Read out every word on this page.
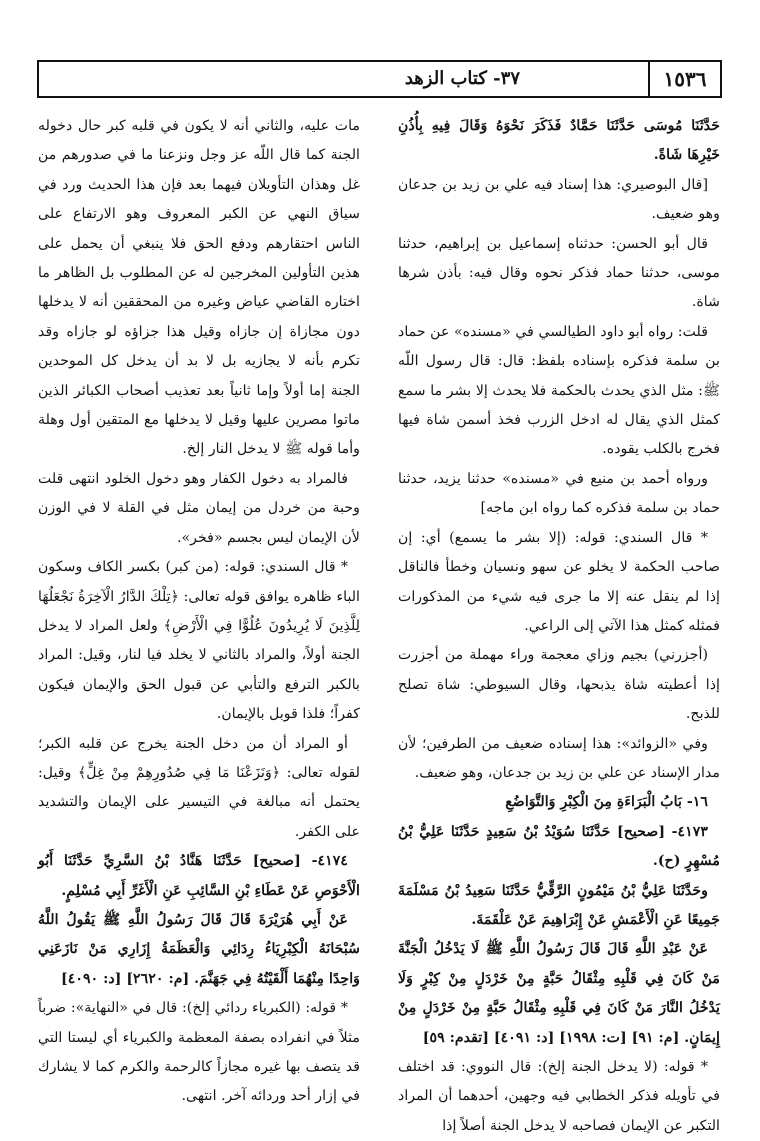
١٥٣٦
٣٧- كتاب الزهد

حَدَّثَنَا مُوسَى حَدَّثَنَا حَمَّادٌ فَذَكَرَ نَحْوَهُ وَقَالَ فِيهِ بِأُذُنِ خَيْرِهَا شَاةً.

[قال البوصيري: هذا إسناد فيه علي بن زيد بن جدعان وهو ضعيف.

قال أبو الحسن: حدثناه إسماعيل بن إبراهيم، حدثنا موسى، حدثنا حماد فذكر نحوه وقال فيه: بأذن شرها شاة.

قلت: رواه أبو داود الطيالسي في «مسنده» عن حماد بن سلمة فذكره بإسناده بلفظ: قال: قال رسول اللّه ﷺ: مثل الذي يحدث بالحكمة فلا يحدث إلا بشر ما سمع كمثل الذي يقال له ادخل الزرب فخذ أسمن شاة فيها فخرج بالكلب يقوده.

ورواه أحمد بن منيع في «مسنده» حدثنا يزيد، حدثنا حماد بن سلمة فذكره كما رواه ابن ماجه]

* قال السندي: قوله: (إلا بشر ما يسمع) أي: إن صاحب الحكمة لا يخلو عن سهو ونسيان وخطأ فالناقل إذا لم ينقل عنه إلا ما جرى فيه شيء من المذكورات فمثله كمثل هذا الآتي إلى الراعي.

(أجزرني) بجيم وزاي معجمة وراء مهملة من أجزرت إذا أعطيته شاة يذبحها، وقال السيوطي: شاة تصلح للذبح.

وفي «الزوائد»: هذا إسناده ضعيف من الطرفين؛ لأن مدار الإسناد عن علي بن زيد بن جدعان، وهو ضعيف.

١٦- بَابُ الْبَرَاءَةِ مِنَ الْكِبْرِ وَالتَّوَاضُعِ

٤١٧٣- [صحيح] حَدَّثَنَا سُوَيْدُ بْنُ سَعِيدٍ حَدَّثَنَا عَلِيُّ بْنُ مُسْهِرٍ (ح).

وحَدَّثَنَا عَلِيُّ بْنُ مَيْمُونٍ الرَّقِّيُّ حَدَّثَنَا سَعِيدُ بْنُ مَسْلَمَةَ جَمِيعًا عَنِ الْأَعْمَشِ عَنْ إِبْرَاهِيمَ عَنْ عَلْقَمَةَ.

عَنْ عَبْدِ اللَّهِ قَالَ قَالَ رَسُولُ اللَّهِ ﷺ لَا يَدْخُلُ الْجَنَّةَ مَنْ كَانَ فِي قَلْبِهِ مِثْقَالُ حَبَّةٍ مِنْ خَرْدَلٍ مِنْ كِبْرٍ وَلَا يَدْخُلُ النَّارَ مَنْ كَانَ فِي قَلْبِهِ مِثْقَالُ حَبَّةٍ مِنْ خَرْدَلٍ مِنْ إِيمَانٍ. [م: ٩١] [ت: ١٩٩٨] [د: ٤٠٩١] [تقدم: ٥٩]

* قوله: (لا يدخل الجنة إلخ): قال النووي: قد اختلف في تأويله فذكر الخطابي فيه وجهين، أحدهما أن المراد التكبر عن الإيمان فصاحبه لا يدخل الجنة أصلاً إذا

مات عليه، والثاني أنه لا يكون في قلبه كبر حال دخوله الجنة كما قال اللّه عز وجل ونزعنا ما في صدورهم من غل وهذان التأويلان فيهما بعد فإن هذا الحديث ورد في سياق النهي عن الكبر المعروف وهو الارتفاع على الناس احتقارهم ودفع الحق فلا ينبغي أن يحمل على هذين التأولين المخرجين له عن المطلوب بل الظاهر ما اختاره القاضي عياض وغيره من المحققين أنه لا يدخلها دون مجازاة إن جازاه وقيل هذا جزاؤه لو جازاه وقد تكرم بأنه لا يجازيه بل لا بد أن يدخل كل الموحدين الجنة إما أولاً وإما ثانياً بعد تعذيب أصحاب الكبائر الذين ماتوا مصرين عليها وقيل لا يدخلها مع المتقين أول وهلة وأما قوله ﷺ لا يدخل النار إلخ.

فالمراد به دخول الكفار وهو دخول الخلود انتهى قلت وحبة من خردل من إيمان مثل في القلة لا في الوزن لأن الإيمان ليس بجسم «فخر».

* قال السندي: قوله: (من كبر) بكسر الكاف وسكون الباء ظاهره يوافق قوله تعالى: ﴿تِلْكَ الدَّارُ الْآخِرَةُ نَجْعَلُهَا لِلَّذِينَ لَا يُرِيدُونَ عُلُوًّا فِي الْأَرْضِ﴾ ولعل المراد لا يدخل الجنة أولاً، والمراد بالثاني لا يخلد فيا لنار، وقيل: المراد بالكبر الترفع والتأبي عن قبول الحق والإيمان فيكون كفراً؛ فلذا قوبل بالإيمان.

أو المراد أن من دخل الجنة يخرج عن قلبه الكبر؛ لقوله تعالى: ﴿وَنَزَعْنَا مَا فِي صُدُورِهِمْ مِنْ غِلٍّ﴾ وقيل: يحتمل أنه مبالغة في التيسير على الإيمان والتشديد على الكفر.

٤١٧٤- [صحيح] حَدَّثَنَا هَنَّادُ بْنُ السَّرِيِّ حَدَّثَنَا أَبُو الْأَحْوَصِ عَنْ عَطَاءِ بْنِ السَّائِبِ عَنِ الْأَغَرِّ أَبِي مُسْلِمٍ.

عَنْ أَبِي هُرَيْرَةَ قَالَ قَالَ رَسُولُ اللَّهِ ﷺ يَقُولُ اللَّهُ سُبْحَانَهُ الْكِبْرِيَاءُ رِدَائِي وَالْعَظَمَةُ إِزَارِي مَنْ نَازَعَنِي وَاحِدًا مِنْهُمَا أَلْقَيْتُهُ فِي جَهَنَّمَ. [م: ٢٦٢٠] [د: ٤٠٩٠]

* قوله: (الكبرياء ردائي إلخ): قال في «النهاية»: ضرباً مثلاً في انفراده بصفة المعظمة والكبرياء أي ليستا التي قد يتصف بها غيره مجازاً كالرحمة والكرم كما لا يشارك في إزار أحد وردائه آخر. انتهى.
